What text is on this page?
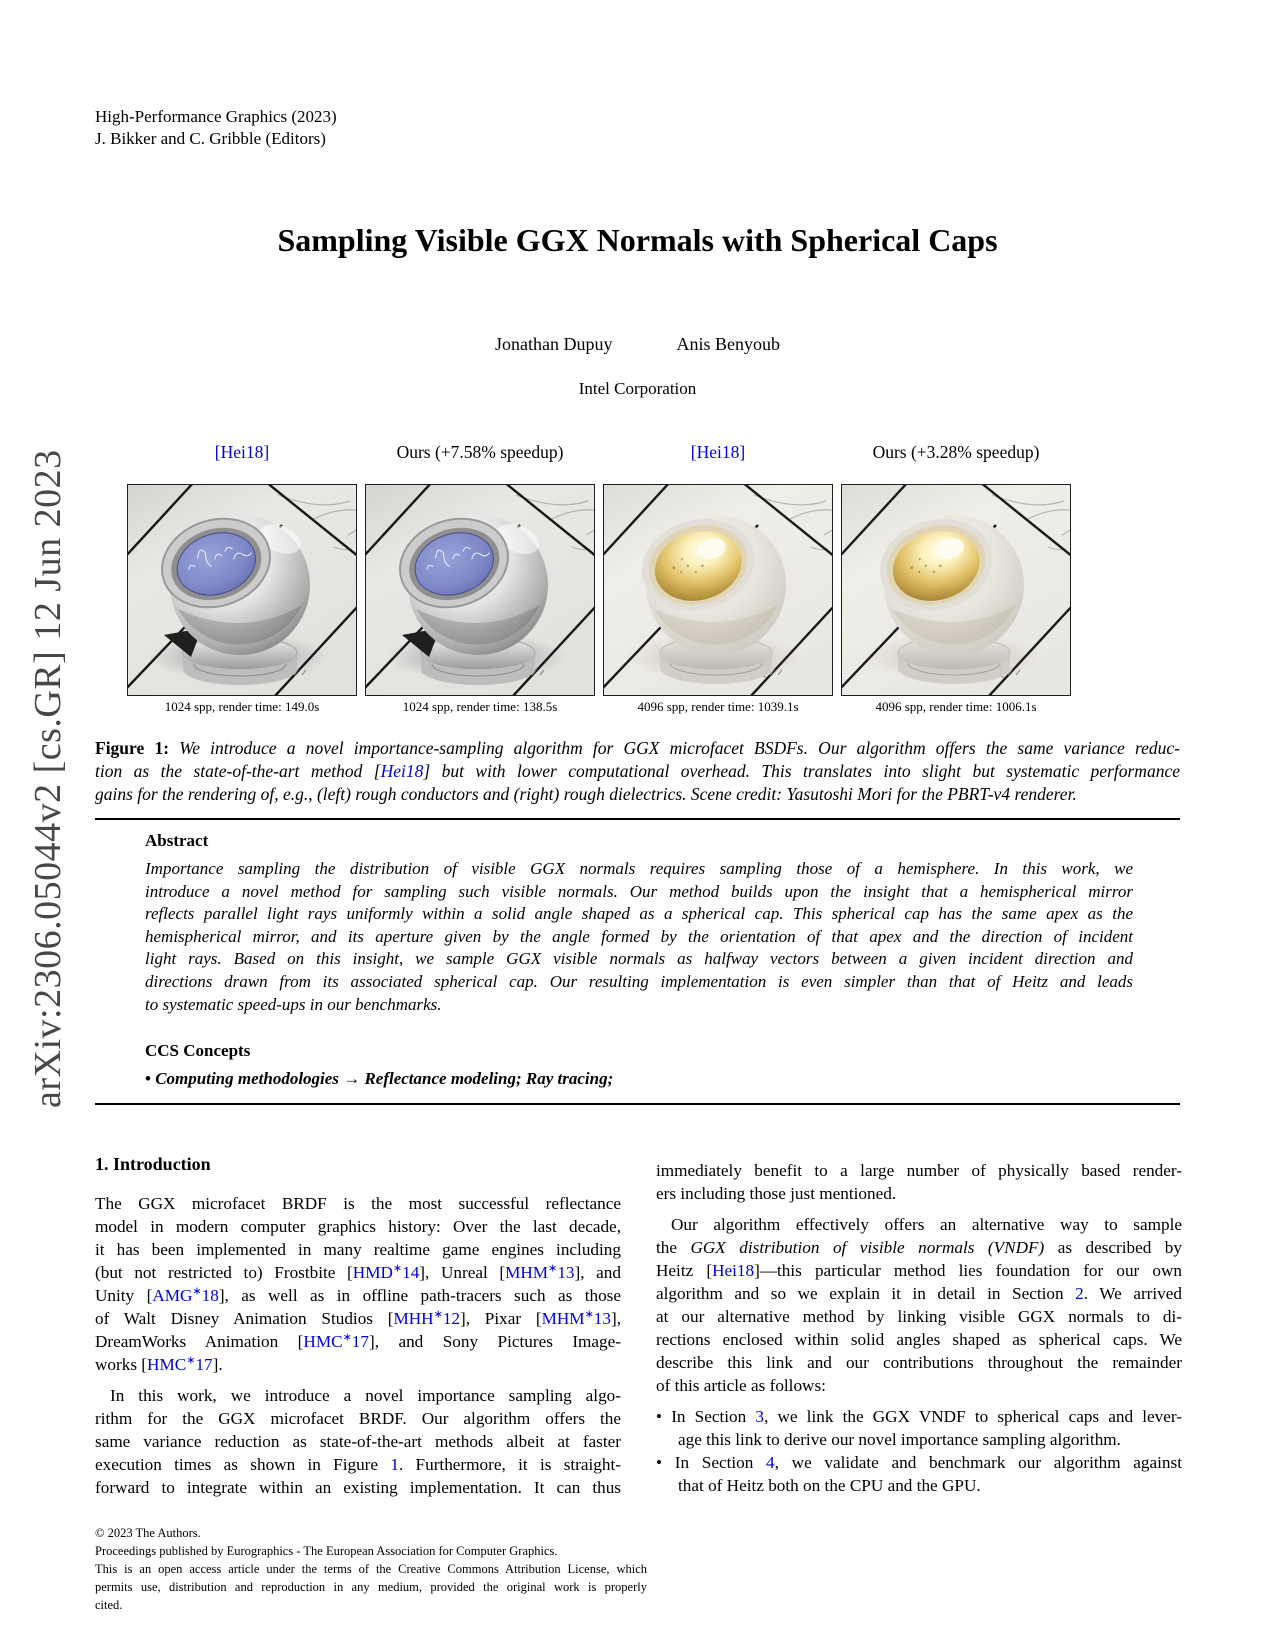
High-Performance Graphics (2023)
J. Bikker and C. Gribble (Editors)
arXiv:2306.05044v2 [cs.GR] 12 Jun 2023
Sampling Visible GGX Normals with Spherical Caps
Jonathan Dupuy	Anis Benyoub
Intel Corporation
[Hei18]
1024 spp, render time: 149.0s
Ours (+7.58% speedup)
1024 spp, render time: 138.5s
[Hei18]
4096 spp, render time: 1039.1s
Ours (+3.28% speedup)
4096 spp, render time: 1006.1s
Figure 1: We introduce a novel importance-sampling algorithm for GGX microfacet BSDFs. Our algorithm offers the same variance reduc-
tion as the state-of-the-art method [Hei18] but with lower computational overhead. This translates into slight but systematic performance
gains for the rendering of, e.g., (left) rough conductors and (right) rough dielectrics. Scene credit: Yasutoshi Mori for the PBRT-v4 renderer.
Abstract
Importance sampling the distribution of visible GGX normals requires sampling those of a hemisphere. In this work, we
introduce a novel method for sampling such visible normals. Our method builds upon the insight that a hemispherical mirror
reflects parallel light rays uniformly within a solid angle shaped as a spherical cap. This spherical cap has the same apex as the
hemispherical mirror, and its aperture given by the angle formed by the orientation of that apex and the direction of incident
light rays. Based on this insight, we sample GGX visible normals as halfway vectors between a given incident direction and
directions drawn from its associated spherical cap. Our resulting implementation is even simpler than that of Heitz and leads
to systematic speed-ups in our benchmarks.
CCS Concepts
• Computing methodologies → Reflectance modeling; Ray tracing;
1. Introduction
The GGX microfacet BRDF is the most successful reflectance
model in modern computer graphics history: Over the last decade,
it has been implemented in many realtime game engines including
(but not restricted to) Frostbite [HMD∗14], Unreal [MHM∗13], and
Unity [AMG∗18], as well as in offline path-tracers such as those
of Walt Disney Animation Studios [MHH∗12], Pixar [MHM∗13],
DreamWorks Animation [HMC∗17], and Sony Pictures Image-
works [HMC∗17].
In this work, we introduce a novel importance sampling algo-
rithm for the GGX microfacet BRDF. Our algorithm offers the
same variance reduction as state-of-the-art methods albeit at faster
execution times as shown in Figure 1. Furthermore, it is straight-
forward to integrate within an existing implementation. It can thus
immediately benefit to a large number of physically based render-
ers including those just mentioned.
Our algorithm effectively offers an alternative way to sample
the GGX distribution of visible normals (VNDF) as described by
Heitz [Hei18]—this particular method lies foundation for our own
algorithm and so we explain it in detail in Section 2. We arrived
at our alternative method by linking visible GGX normals to di-
rections enclosed within solid angles shaped as spherical caps. We
describe this link and our contributions throughout the remainder
of this article as follows:
• In Section 3, we link the GGX VNDF to spherical caps and lever-
age this link to derive our novel importance sampling algorithm.
• In Section 4, we validate and benchmark our algorithm against
that of Heitz both on the CPU and the GPU.
© 2023 The Authors.
Proceedings published by Eurographics - The European Association for Computer Graphics.
This is an open access article under the terms of the Creative Commons Attribution License, which
permits use, distribution and reproduction in any medium, provided the original work is properly
cited.
